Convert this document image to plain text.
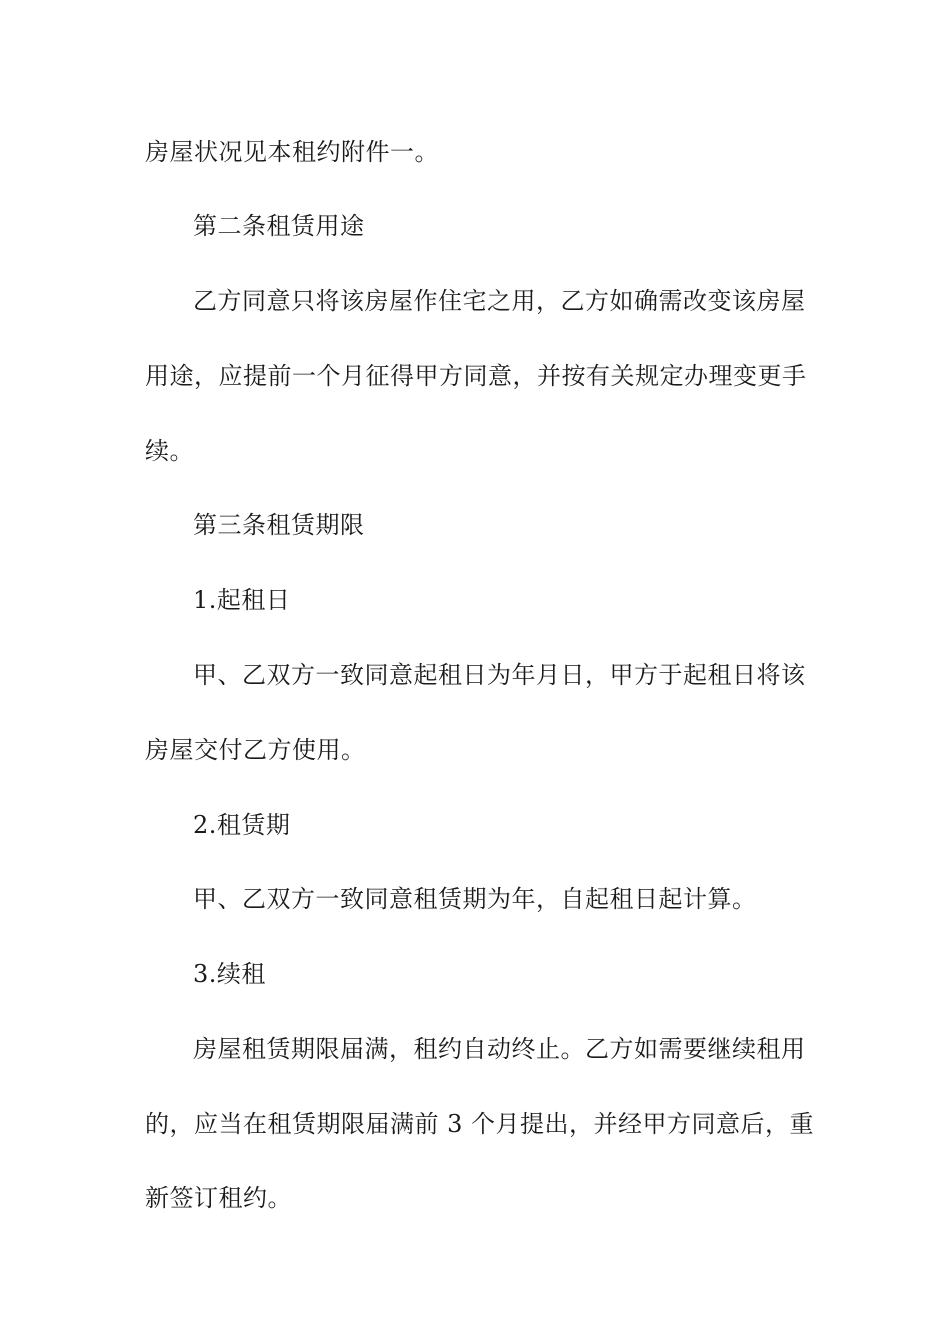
房屋状况见本租约附件一。
第二条租赁用途
乙方同意只将该房屋作住宅之用，乙方如确需改变该房屋
用途，应提前一个月征得甲方同意，并按有关规定办理变更手
续。
第三条租赁期限
1.起租日
甲、乙双方一致同意起租日为年月日，甲方于起租日将该
房屋交付乙方使用。
2.租赁期
甲、乙双方一致同意租赁期为年，自起租日起计算。
3.续租
房屋租赁期限届满，租约自动终止。乙方如需要继续租用
的，应当在租赁期限届满前 3 个月提出，并经甲方同意后，重
新签订租约。
